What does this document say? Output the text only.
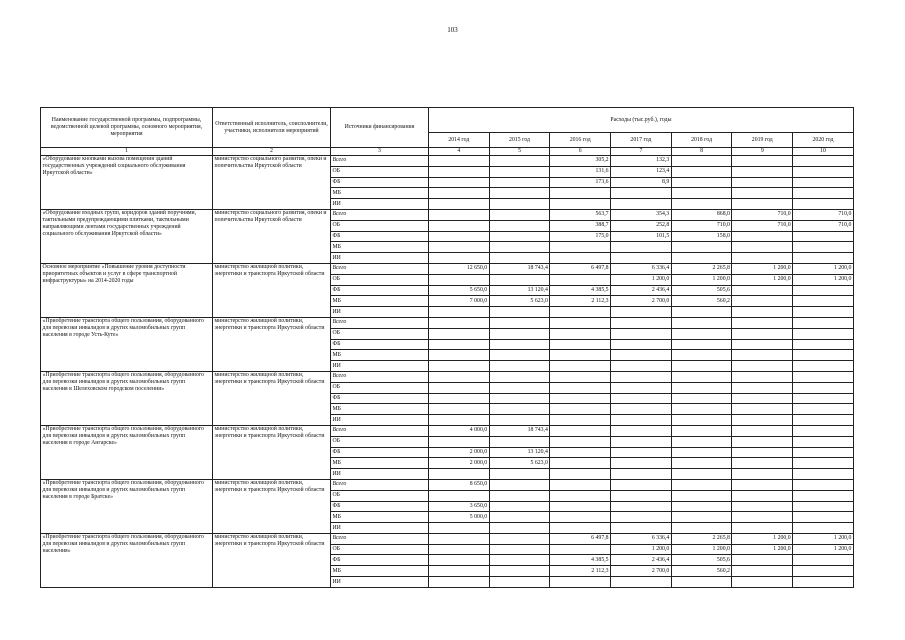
103
Наименование государственной программы, подпрограммы, ведомственной целевой программы, основного мероприятия, мероприятия	Ответственный исполнитель, соисполнители, участники, исполнители мероприятий	Источники финансирования	Расходы (тыс.руб.), годы						
			2014 год	2015 год	2016 год	2017 год	2018 год	2019 год	2020 год
1	2	3	4	5	6	7	8	9	10
«Оборудование кнопками вызова помещения зданий государственных учреждений социального обслуживания Иркутской области»	министерство социального развития, опеки и попечительства Иркутской области	Всего			305,2	132,3			
		ОБ			131,6	123,4			
		ФБ			173,6	8,9			
		МБ							
		ИИ							
«Оборудование входных групп, коридоров зданий поручнями, тактильными предупреждающими плитками, тактильными направляющими лентами государственных учреждений социального обслуживания Иркутской области»	министерство социального развития, опеки и попечительства Иркутской области	Всего			563,7	354,3	868,0	710,0	710,0
		ОБ			388,7	252,8	710,0	710,0	710,0
		ФБ			175,0	101,5	158,0		
		МБ							
		ИИ							
Основное мероприятие «Повышение уровня доступности приоритетных объектов и услуг в сфере транспортной инфраструктуры» на 2014-2020 годы	министерство жилищной политики, энергетики и транспорта Иркутской области	Всего	12 650,0	18 743,4	6 497,8	6 336,4	2 265,8	1 200,0	1 200,0
		ОБ				1 200,0	1 200,0	1 200,0	1 200,0
		ФБ	5 650,0	13 120,4	4 385,5	2 436,4	505,6		
		МБ	7 000,0	5 623,0	2 112,3	2 700,0	560,2		
		ИИ							
«Приобретение транспорта общего пользования, оборудованного для перевозки инвалидов и других маломобильных групп населения в городе Усть-Куте»	министерство жилищной политики, энергетики и транспорта Иркутской области	Всего							
		ОБ							
		ФБ							
		МБ							
		ИИ							
«Приобретение транспорта общего пользования, оборудованного для перевозки инвалидов и других маломобильных групп населения в Шелеховском городском поселении»	министерство жилищной политики, энергетики и транспорта Иркутской области	Всего							
		ОБ							
		ФБ							
		МБ							
		ИИ							
«Приобретение транспорта общего пользования, оборудованного для перевозки инвалидов и других маломобильных групп населения в городе Ангарске»	министерство жилищной политики, энергетики и транспорта Иркутской области	Всего	4 000,0	18 743,4					
		ОБ							
		ФБ	2 000,0	13 120,4					
		МБ	2 000,0	5 623,0					
		ИИ							
«Приобретение транспорта общего пользования, оборудованного для перевозки инвалидов и других маломобильных групп населения в городе Братске»	министерство жилищной политики, энергетики и транспорта Иркутской области	Всего	8 650,0						
		ОБ							
		ФБ	3 650,0						
		МБ	5 000,0						
		ИИ							
«Приобретение транспорта общего пользования, оборудованного для перевозки инвалидов и других маломобильных групп населения»	министерство жилищной политики, энергетики и транспорта Иркутской области	Всего			6 497,8	6 336,4	2 265,8	1 200,0	1 200,0
		ОБ				1 200,0	1 200,0	1 200,0	1 200,0
		ФБ			4 385,5	2 436,4	505,6		
		МБ			2 112,3	2 700,0	560,2		
		ИИ							
